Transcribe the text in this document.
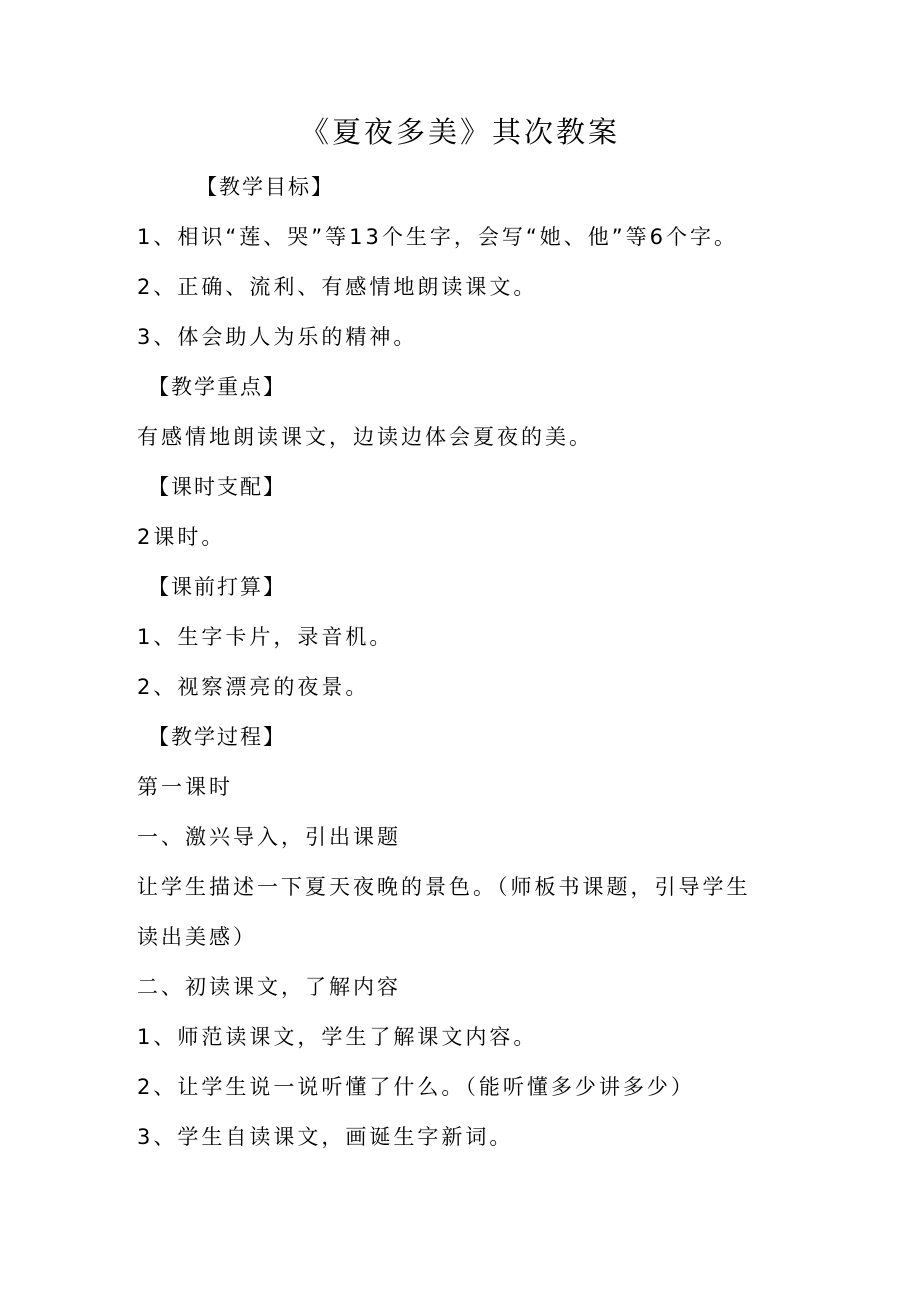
《夏夜多美》其次教案
【教学目标】
1、相识“莲、哭”等13个生字，会写“她、他”等6个字。
2、正确、流利、有感情地朗读课文。
3、体会助人为乐的精神。
【教学重点】
有感情地朗读课文，边读边体会夏夜的美。
【课时支配】
2课时。
【课前打算】
1、生字卡片，录音机。
2、视察漂亮的夜景。
【教学过程】
第一课时
一、激兴导入，引出课题
让学生描述一下夏天夜晚的景色。（师板书课题，引导学生
读出美感）
二、初读课文，了解内容
1、师范读课文，学生了解课文内容。
2、让学生说一说听懂了什么。（能听懂多少讲多少）
3、学生自读课文，画诞生字新词。
